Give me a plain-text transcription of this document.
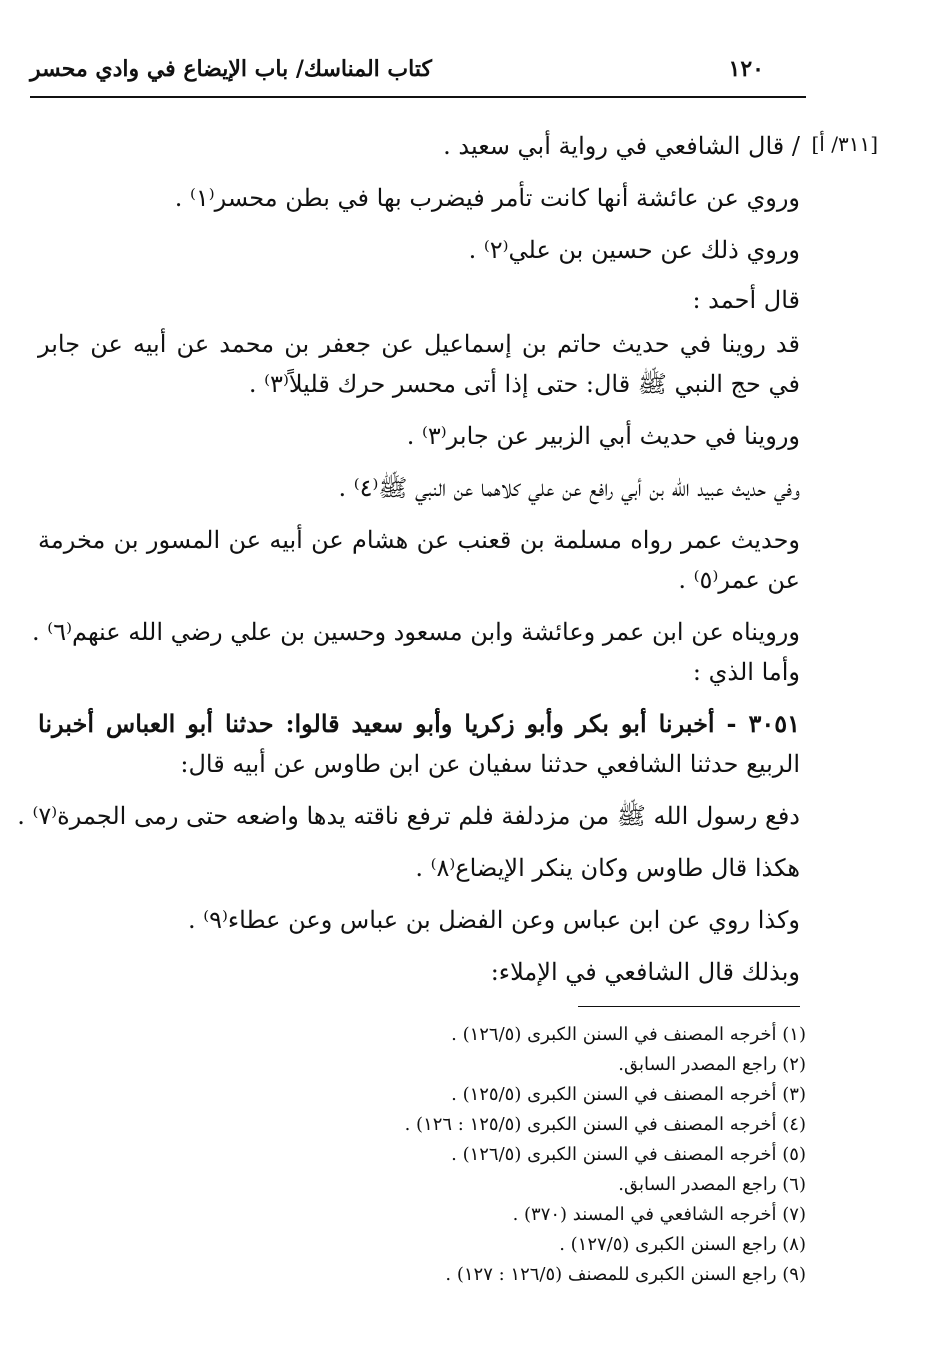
١٢٠
كتاب المناسك/ باب الإيضاع في وادي محسر
[٣١١/ أ]
/ قال الشافعي في رواية أبي سعيد .
وروي عن عائشة أنها كانت تأمر فيضرب بها في بطن محسر⁽١⁾ .
وروي ذلك عن حسين بن علي⁽٢⁾ .
قال أحمد :
قد روينا في حديث حاتم بن إسماعيل عن جعفر بن محمد عن أبيه عن جابر
في حج النبي ﷺ قال: حتى إذا أتى محسر حرك قليلاً⁽٣⁾ .
وروينا في حديث أبي الزبير عن جابر⁽٣⁾ .
وفي حديث عبيد الله بن أبي رافع عن علي كلاهما عن النبي ﷺ⁽٤⁾ .
وحديث عمر رواه مسلمة بن قعنب عن هشام عن أبيه عن المسور بن مخرمة
عن عمر⁽٥⁾ .
ورويناه عن ابن عمر وعائشة وابن مسعود وحسين بن علي رضي الله عنهم⁽٦⁾ .
وأما الذي :
٣٠٥١ - أخبرنا أبو بكر وأبو زكريا وأبو سعيد قالوا: حدثنا أبو العباس أخبرنا
الربيع حدثنا الشافعي حدثنا سفيان عن ابن طاوس عن أبيه قال:
دفع رسول الله ﷺ من مزدلفة فلم ترفع ناقته يدها واضعه حتى رمى الجمرة⁽٧⁾ .
هكذا قال طاوس وكان ينكر الإيضاع⁽٨⁾ .
وكذا روي عن ابن عباس وعن الفضل بن عباس وعن عطاء⁽٩⁾ .
وبذلك قال الشافعي في الإملاء:
(١) أخرجه المصنف في السنن الكبرى (١٢٦/٥) .
(٢) راجع المصدر السابق.
(٣) أخرجه المصنف في السنن الكبرى (١٢٥/٥) .
(٤) أخرجه المصنف في السنن الكبرى (١٢٥/٥ : ١٢٦) .
(٥) أخرجه المصنف في السنن الكبرى (١٢٦/٥) .
(٦) راجع المصدر السابق.
(٧) أخرجه الشافعي في المسند (٣٧٠) .
(٨) راجع السنن الكبرى (١٢٧/٥) .
(٩) راجع السنن الكبرى للمصنف (١٢٦/٥ : ١٢٧) .
